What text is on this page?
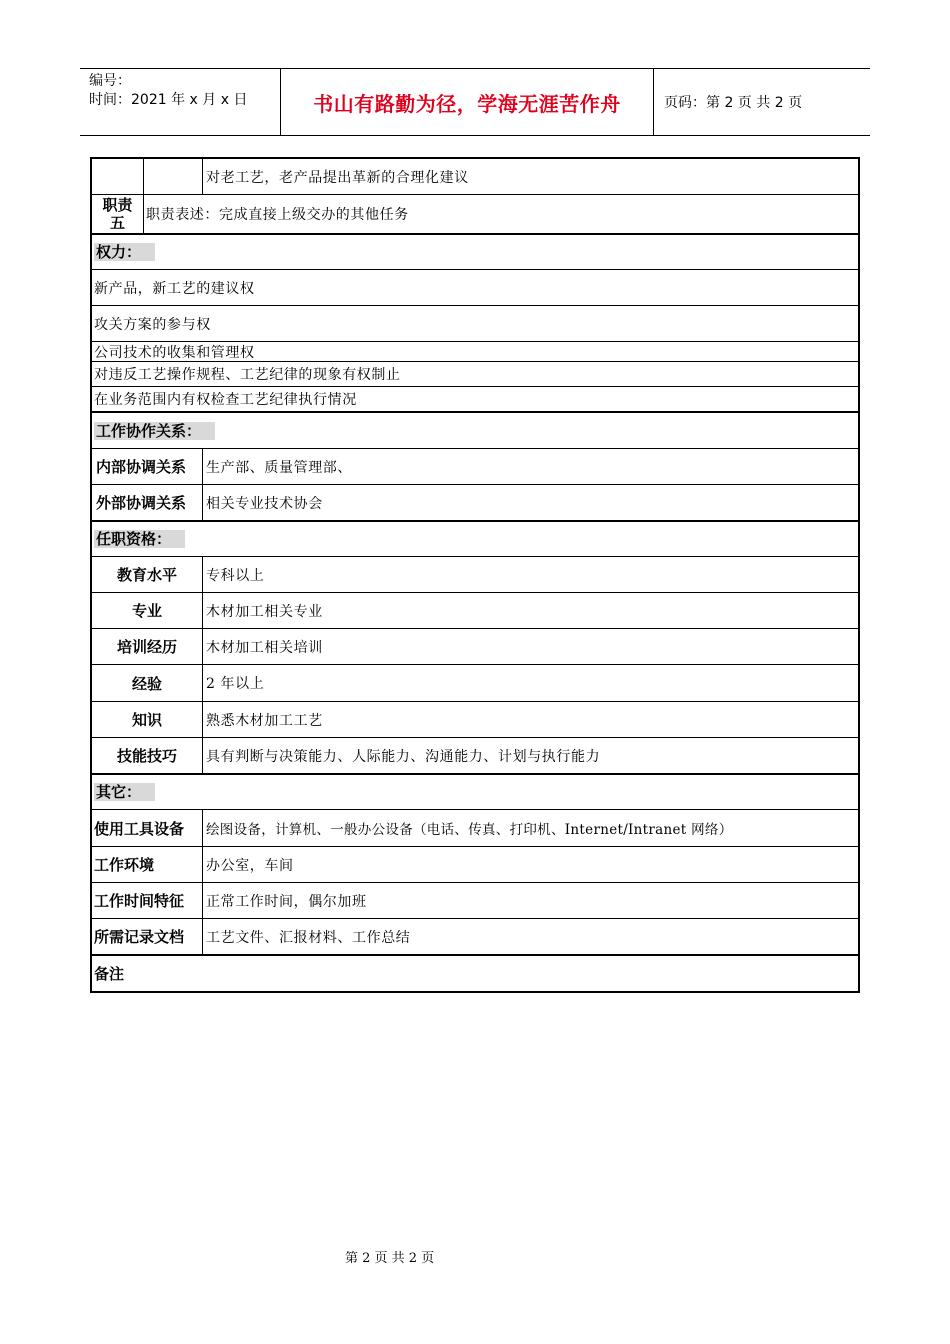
编号：
时间：2021 年 x 月 x 日	书山有路勤为径，学海无涯苦作舟	页码：第 2 页 共 2 页
对老工艺，老产品提出革新的合理化建议
职责五	职责表述：完成直接上级交办的其他任务
权力：
新产品，新工艺的建议权
攻关方案的参与权
公司技术的收集和管理权
对违反工艺操作规程、工艺纪律的现象有权制止
在业务范围内有权检查工艺纪律执行情况
工作协作关系：
内部协调关系	生产部、质量管理部、
外部协调关系	相关专业技术协会
任职资格：
教育水平	专科以上
专业	木材加工相关专业
培训经历	木材加工相关培训
经验	2 年以上
知识	熟悉木材加工工艺
技能技巧	具有判断与决策能力、人际能力、沟通能力、计划与执行能力
其它：
使用工具设备	绘图设备，计算机、一般办公设备（电话、传真、打印机、Internet/Intranet 网络）
工作环境	办公室，车间
工作时间特征	正常工作时间，偶尔加班
所需记录文档	工艺文件、汇报材料、工作总结
备注
第 2 页 共 2 页
